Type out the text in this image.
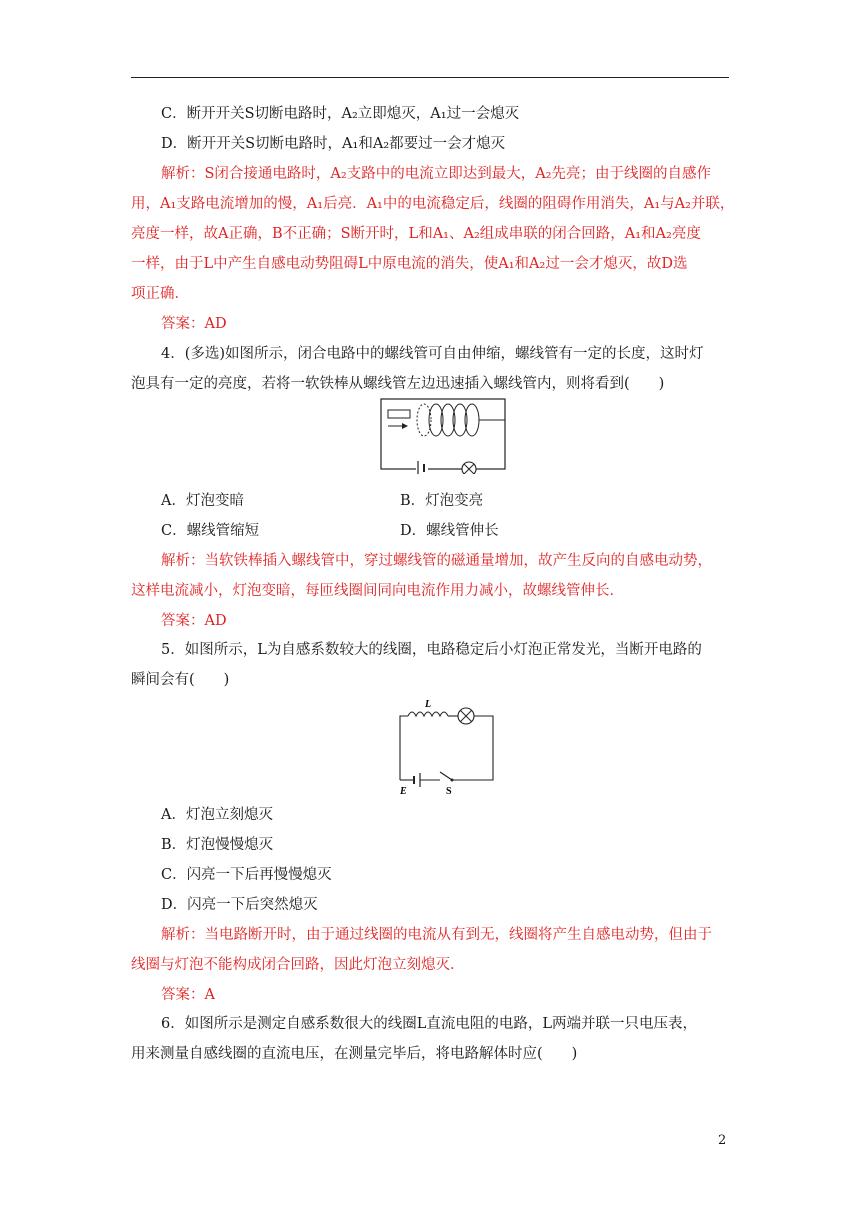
C．断开开关S切断电路时，A₂立即熄灭，A₁过一会熄灭
D．断开开关S切断电路时，A₁和A₂都要过一会才熄灭
解析：S闭合接通电路时，A₂支路中的电流立即达到最大，A₂先亮；由于线圈的自感作
用，A₁支路电流增加的慢，A₁后亮．A₁中的电流稳定后，线圈的阻碍作用消失，A₁与A₂并联，
亮度一样，故A正确，B不正确；S断开时，L和A₁、A₂组成串联的闭合回路，A₁和A₂亮度
一样，由于L中产生自感电动势阻碍L中原电流的消失，使A₁和A₂过一会才熄灭，故D选
项正确．
答案：AD
4．(多选)如图所示，闭合电路中的螺线管可自由伸缩，螺线管有一定的长度，这时灯
泡具有一定的亮度，若将一软铁棒从螺线管左边迅速插入螺线管内，则将看到(　　)
A．灯泡变暗	B．灯泡变亮
C．螺线管缩短	D．螺线管伸长
解析：当软铁棒插入螺线管中，穿过螺线管的磁通量增加，故产生反向的自感电动势，
这样电流减小，灯泡变暗，每匝线圈间同向电流作用力减小，故螺线管伸长．
答案：AD
5．如图所示，L为自感系数较大的线圈，电路稳定后小灯泡正常发光，当断开电路的
瞬间会有(　　)
L
E	S
A．灯泡立刻熄灭
B．灯泡慢慢熄灭
C．闪亮一下后再慢慢熄灭
D．闪亮一下后突然熄灭
解析：当电路断开时，由于通过线圈的电流从有到无，线圈将产生自感电动势，但由于
线圈与灯泡不能构成闭合回路，因此灯泡立刻熄灭．
答案：A
6．如图所示是测定自感系数很大的线圈L直流电阻的电路，L两端并联一只电压表，
用来测量自感线圈的直流电压，在测量完毕后，将电路解体时应(　　)
2
